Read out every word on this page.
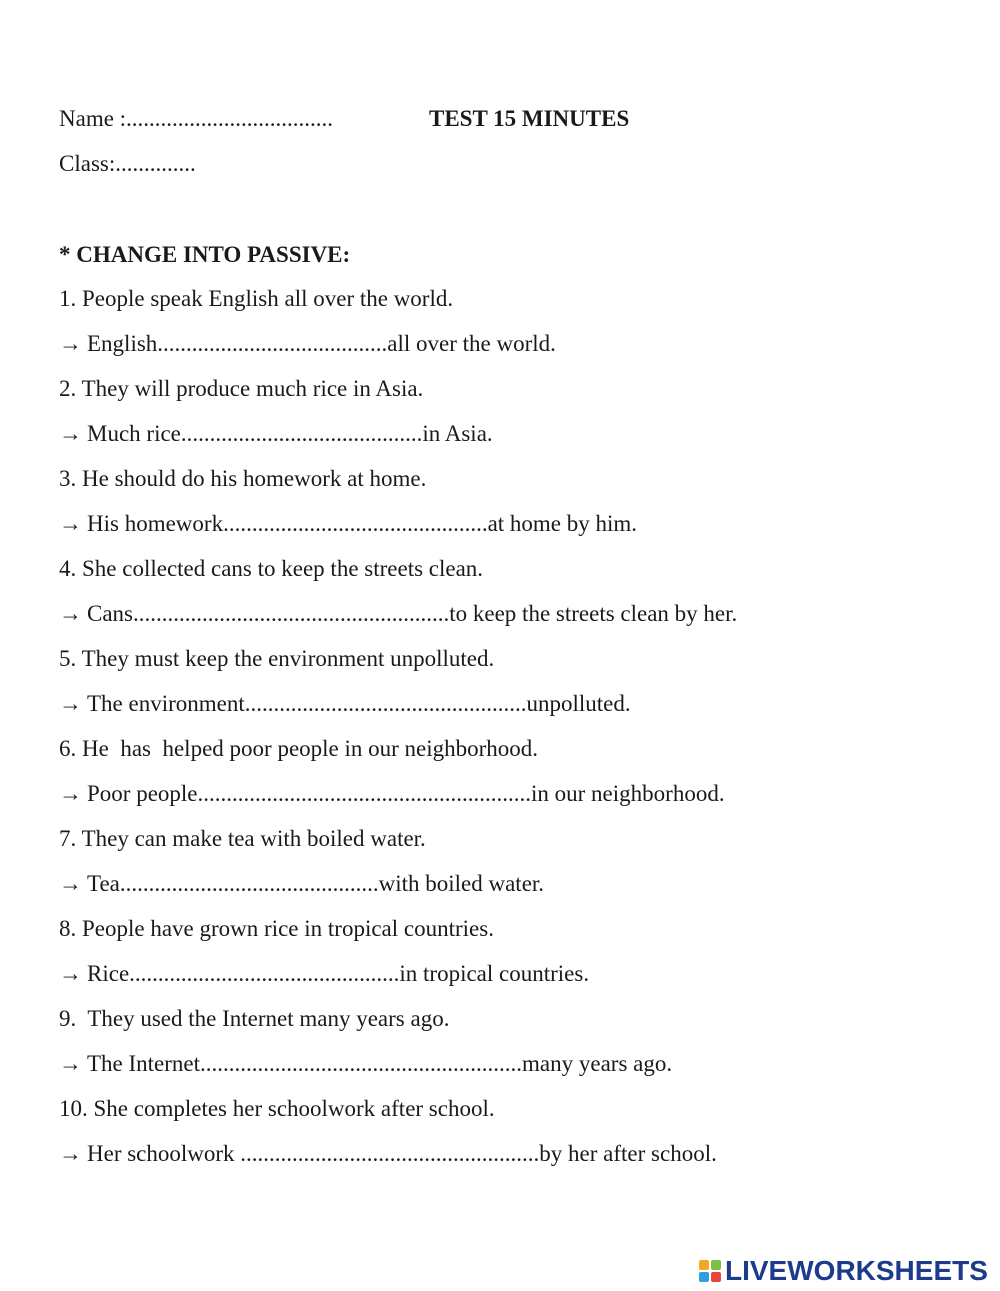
Name :....................................	TEST 15 MINUTES
Class:..............
* CHANGE INTO PASSIVE:
1. People speak English all over the world.
→ English........................................all over the world.
2. They will produce much rice in Asia.
→ Much rice..........................................in Asia.
3. He should do his homework at home.
→ His homework..............................................at home by him.
4. She collected cans to keep the streets clean.
→ Cans.......................................................to keep the streets clean by her.
5. They must keep the environment unpolluted.
→ The environment.................................................unpolluted.
6. He  has  helped poor people in our neighborhood.
→ Poor people..........................................................in our neighborhood.
7. They can make tea with boiled water.
→ Tea.............................................with boiled water.
8. People have grown rice in tropical countries.
→ Rice...............................................in tropical countries.
9.  They used the Internet many years ago.
→ The Internet........................................................many years ago.
10. She completes her schoolwork after school.
→ Her schoolwork ....................................................by her after school.
LIVEWORKSHEETS
